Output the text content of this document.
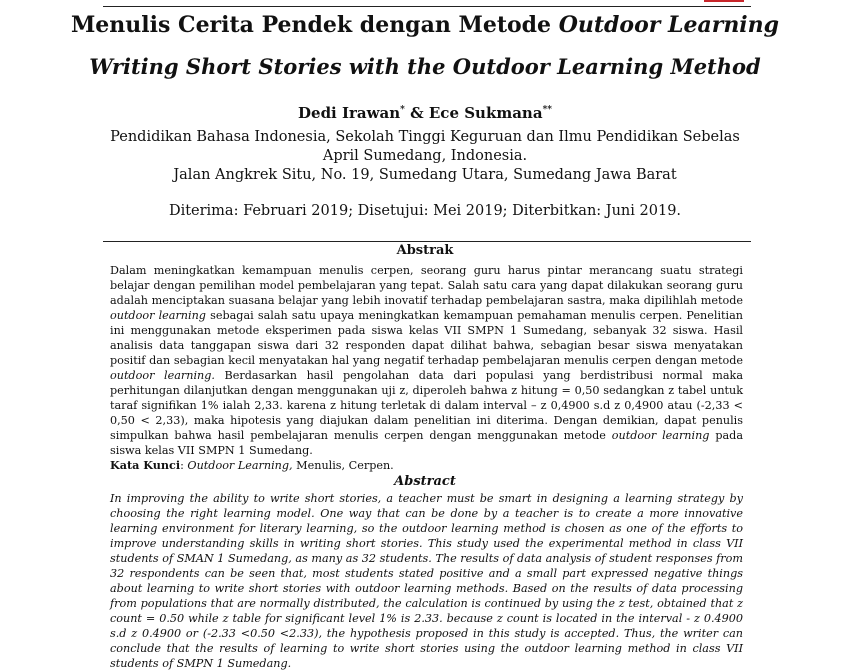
Menulis Cerita Pendek dengan Metode Outdoor Learning
Writing Short Stories with the Outdoor Learning Method
Dedi Irawan* & Ece Sukmana**
Pendidikan Bahasa Indonesia, Sekolah Tinggi Keguruan dan Ilmu Pendidikan Sebelas April Sumedang, Indonesia.
Jalan Angkrek Situ, No. 19, Sumedang Utara, Sumedang Jawa Barat
Diterima: Februari 2019; Disetujui: Mei 2019; Diterbitkan: Juni 2019.
Abstrak
Dalam meningkatkan kemampuan menulis cerpen, seorang guru harus pintar merancang suatu strategi belajar dengan pemilihan model pembelajaran yang tepat. Salah satu cara yang dapat dilakukan seorang guru adalah menciptakan suasana belajar yang lebih inovatif terhadap pembelajaran sastra, maka dipilihlah metode outdoor learning sebagai salah satu upaya meningkatkan kemampuan pemahaman menulis cerpen. Penelitian ini menggunakan metode eksperimen pada siswa kelas VII SMPN 1 Sumedang, sebanyak 32 siswa. Hasil analisis data tanggapan siswa dari 32 responden dapat dilihat bahwa, sebagian besar siswa menyatakan positif dan sebagian kecil menyatakan hal yang negatif terhadap pembelajaran menulis cerpen dengan metode outdoor learning. Berdasarkan hasil pengolahan data dari populasi yang berdistribusi normal maka perhitungan dilanjutkan dengan menggunakan uji z, diperoleh bahwa z hitung = 0,50 sedangkan z tabel untuk taraf signifikan 1% ialah 2,33. karena z hitung terletak di dalam interval – z 0,4900 s.d z 0,4900 atau (-2,33 < 0,50 < 2,33), maka hipotesis yang diajukan dalam penelitian ini diterima. Dengan demikian, dapat penulis simpulkan bahwa hasil pembelajaran menulis cerpen dengan menggunakan metode outdoor learning pada siswa kelas VII SMPN 1 Sumedang.
Kata Kunci: Outdoor Learning, Menulis, Cerpen.
Abstract
In improving the ability to write short stories, a teacher must be smart in designing a learning strategy by choosing the right learning model. One way that can be done by a teacher is to create a more innovative learning environment for literary learning, so the outdoor learning method is chosen as one of the efforts to improve understanding skills in writing short stories. This study used the experimental method in class VII students of SMAN 1 Sumedang, as many as 32 students. The results of data analysis of student responses from 32 respondents can be seen that, most students stated positive and a small part expressed negative things about learning to write short stories with outdoor learning methods. Based on the results of data processing from populations that are normally distributed, the calculation is continued by using the z test, obtained that z count = 0.50 while z table for significant level 1% is 2.33. because z count is located in the interval - z 0.4900 s.d z 0.4900 or (-2.33 <0.50 <2.33), the hypothesis proposed in this study is accepted. Thus, the writer can conclude that the results of learning to write short stories using the outdoor learning method in class VII students of SMPN 1 Sumedang.
